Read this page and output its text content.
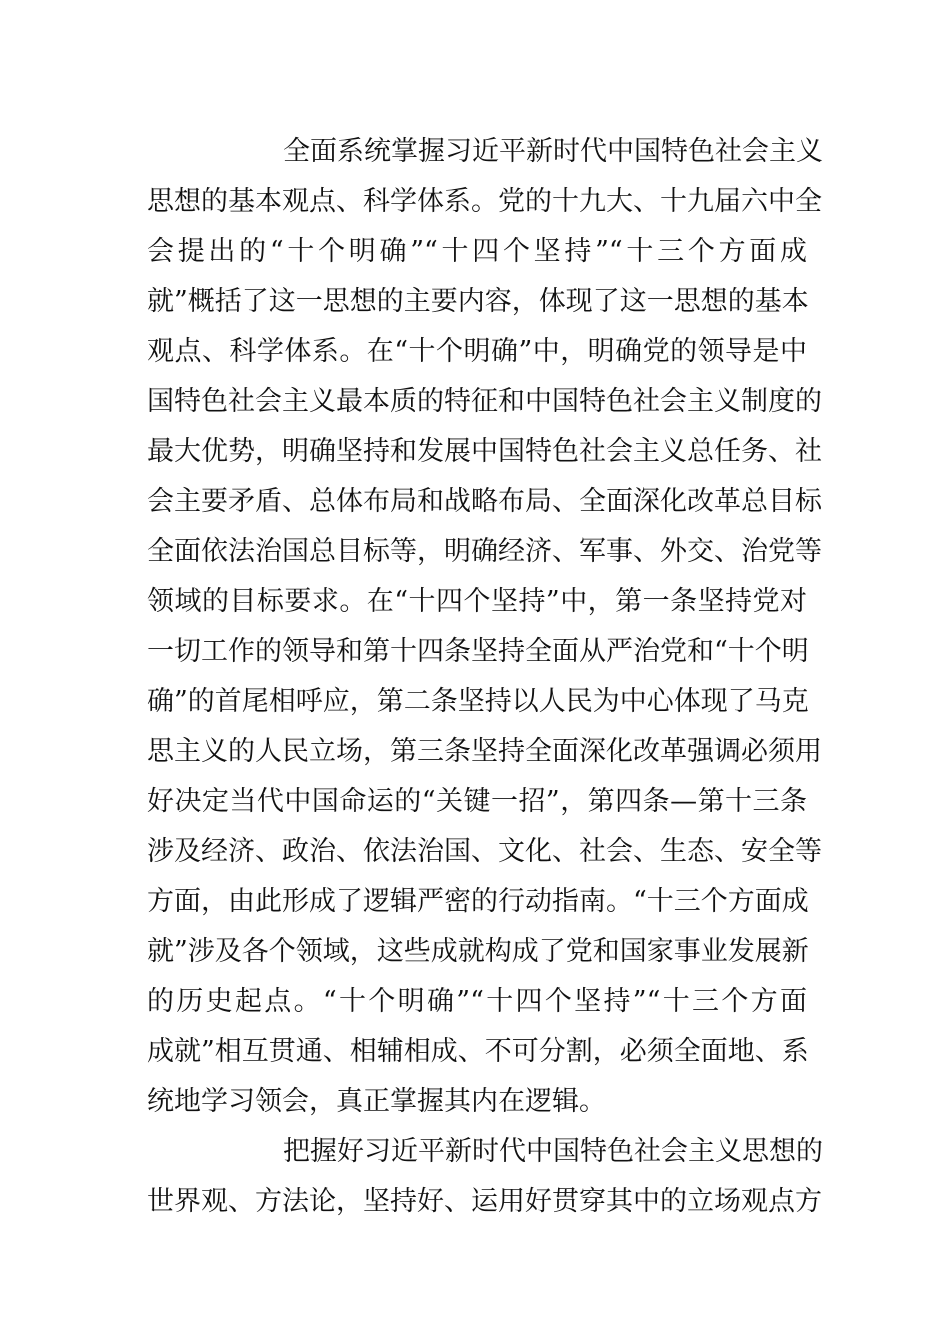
全面系统掌握习近平新时代中国特色社会主义
思想的基本观点、科学体系。党的十九大、十九届六中全
会提出的“十个明确”“十四个坚持”“十三个方面成
就”概括了这一思想的主要内容，体现了这一思想的基本
观点、科学体系。在“十个明确”中，明确党的领导是中
国特色社会主义最本质的特征和中国特色社会主义制度的
最大优势，明确坚持和发展中国特色社会主义总任务、社
会主要矛盾、总体布局和战略布局、全面深化改革总目标
全面依法治国总目标等，明确经济、军事、外交、治党等
领域的目标要求。在“十四个坚持”中，第一条坚持党对
一切工作的领导和第十四条坚持全面从严治党和“十个明
确”的首尾相呼应，第二条坚持以人民为中心体现了马克
思主义的人民立场，第三条坚持全面深化改革强调必须用
好决定当代中国命运的“关键一招”，第四条—第十三条
涉及经济、政治、依法治国、文化、社会、生态、安全等
方面，由此形成了逻辑严密的行动指南。“十三个方面成
就”涉及各个领域，这些成就构成了党和国家事业发展新
的历史起点。“十个明确”“十四个坚持”“十三个方面
成就”相互贯通、相辅相成、不可分割，必须全面地、系
统地学习领会，真正掌握其内在逻辑。
把握好习近平新时代中国特色社会主义思想的
世界观、方法论，坚持好、运用好贯穿其中的立场观点方
